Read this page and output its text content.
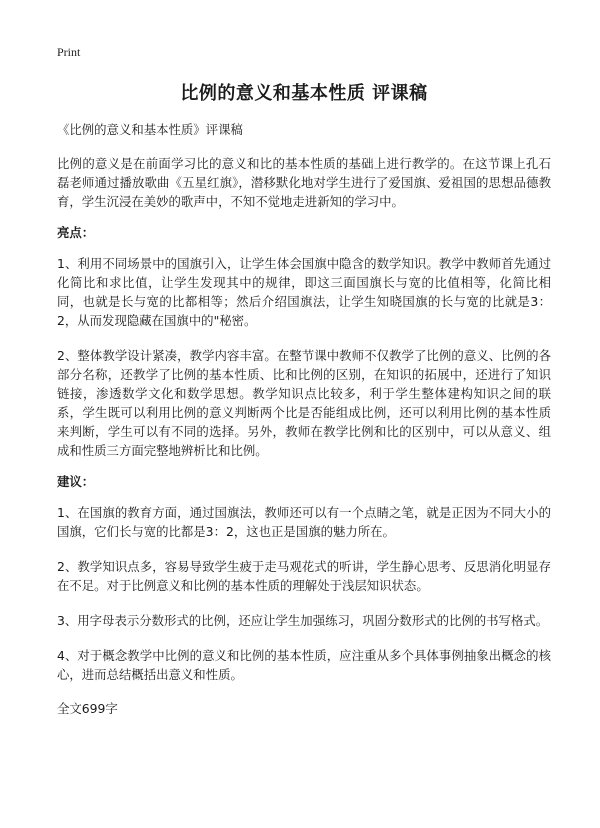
Print
比例的意义和基本性质 评课稿
《比例的意义和基本性质》评课稿
比例的意义是在前面学习比的意义和比的基本性质的基础上进行教学的。在这节课上孔石磊老师通过播放歌曲《五星红旗》，潜移默化地对学生进行了爱国旗、爱祖国的思想品德教育，学生沉浸在美妙的歌声中，不知不觉地走进新知的学习中。
亮点：
1、利用不同场景中的国旗引入，让学生体会国旗中隐含的数学知识。教学中教师首先通过化简比和求比值，让学生发现其中的规律，即这三面国旗长与宽的比值相等，化简比相同，也就是长与宽的比都相等；然后介绍国旗法，让学生知晓国旗的长与宽的比就是3：2，从而发现隐藏在国旗中的"秘密。
2、整体教学设计紧凑，教学内容丰富。在整节课中教师不仅教学了比例的意义、比例的各部分名称，还教学了比例的基本性质、比和比例的区别，在知识的拓展中，还进行了知识链接，渗透数学文化和数学思想。教学知识点比较多，利于学生整体建构知识之间的联系，学生既可以利用比例的意义判断两个比是否能组成比例，还可以利用比例的基本性质来判断，学生可以有不同的选择。另外，教师在教学比例和比的区别中，可以从意义、组成和性质三方面完整地辨析比和比例。
建议：
1、在国旗的教育方面，通过国旗法，教师还可以有一个点睛之笔，就是正因为不同大小的国旗，它们长与宽的比都是3：2，这也正是国旗的魅力所在。
2、教学知识点多，容易导致学生疲于走马观花式的听讲，学生静心思考、反思消化明显存在不足。对于比例意义和比例的基本性质的理解处于浅层知识状态。
3、用字母表示分数形式的比例，还应让学生加强练习，巩固分数形式的比例的书写格式。
4、对于概念教学中比例的意义和比例的基本性质，应注重从多个具体事例抽象出概念的核心，进而总结概括出意义和性质。
全文699字
